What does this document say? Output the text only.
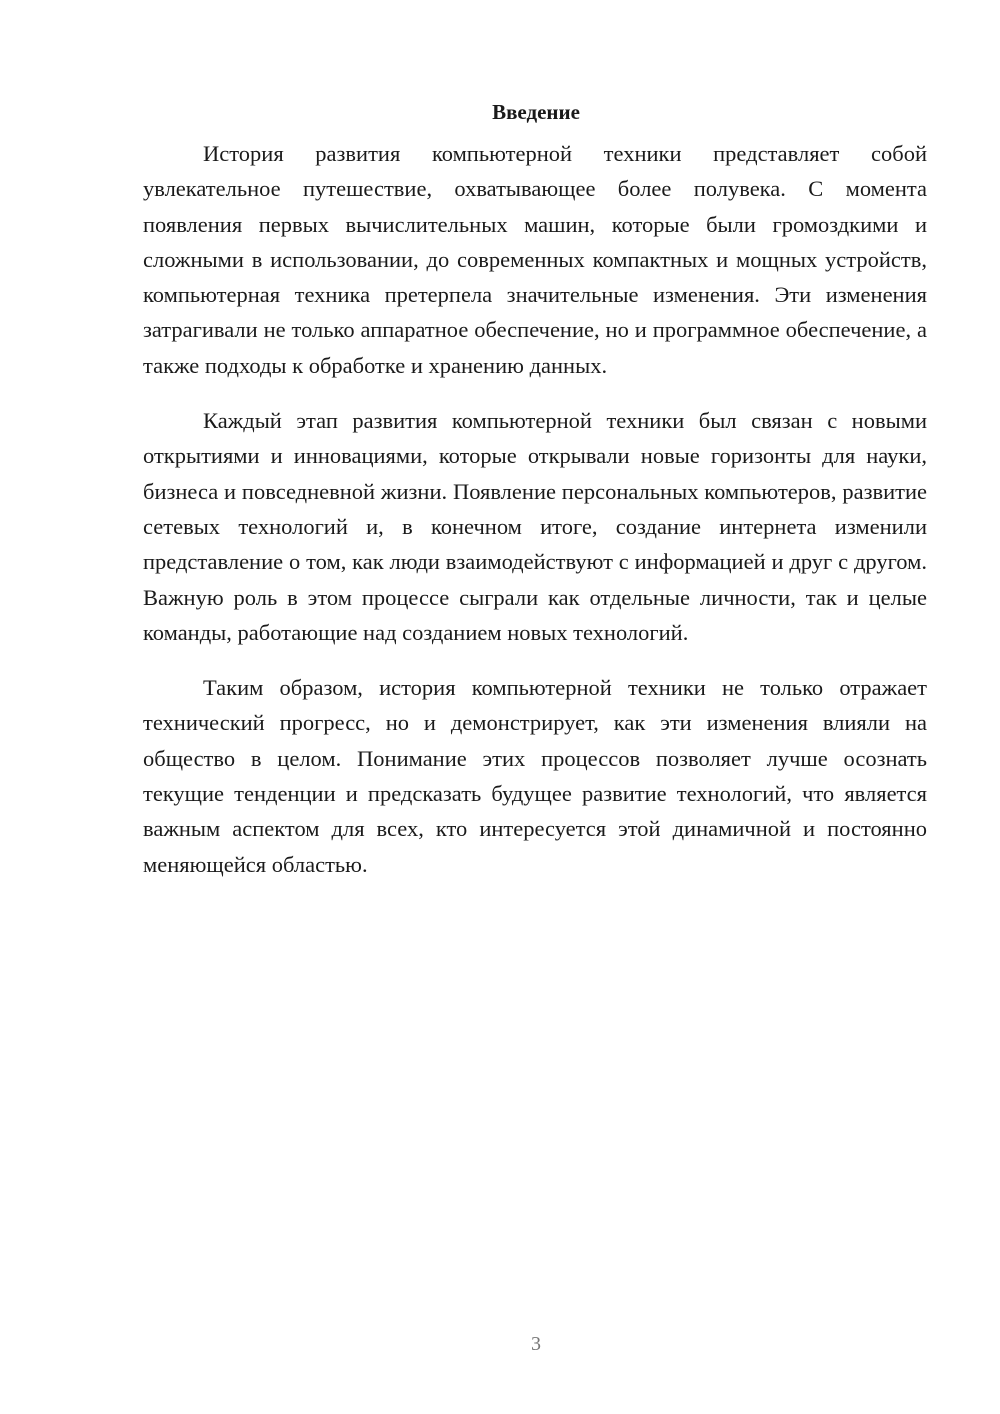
Введение

История развития компьютерной техники представляет собой увлекательное путешествие, охватывающее более полувека. С момента появления первых вычислительных машин, которые были громоздкими и сложными в использовании, до современных компактных и мощных устройств, компьютерная техника претерпела значительные изменения. Эти изменения затрагивали не только аппаратное обеспечение, но и программное обеспечение, а также подходы к обработке и хранению данных.

Каждый этап развития компьютерной техники был связан с новыми открытиями и инновациями, которые открывали новые горизонты для науки, бизнеса и повседневной жизни. Появление персональных компьютеров, развитие сетевых технологий и, в конечном итоге, создание интернета изменили представление о том, как люди взаимодействуют с информацией и друг с другом. Важную роль в этом процессе сыграли как отдельные личности, так и целые команды, работающие над созданием новых технологий.

Таким образом, история компьютерной техники не только отражает технический прогресс, но и демонстрирует, как эти изменения влияли на общество в целом. Понимание этих процессов позволяет лучше осознать текущие тенденции и предсказать будущее развитие технологий, что является важным аспектом для всех, кто интересуется этой динамичной и постоянно меняющейся областью.

3
